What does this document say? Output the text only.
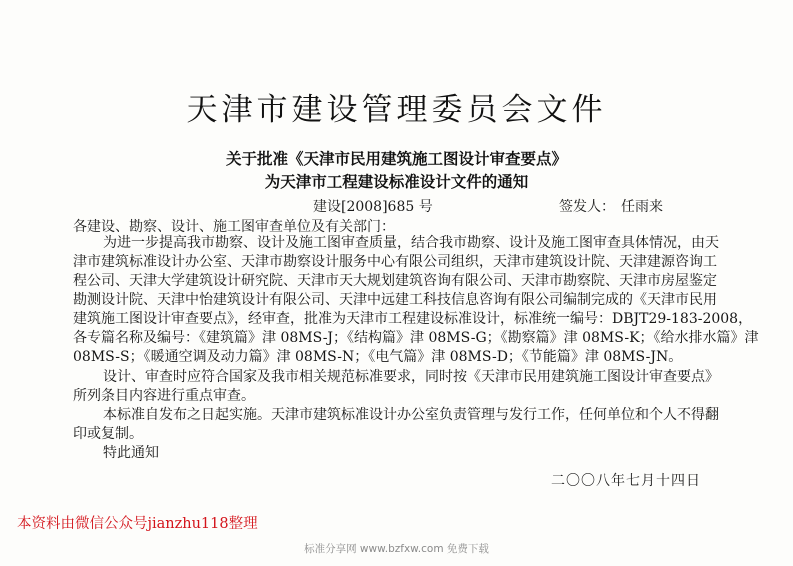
天津市建设管理委员会文件
关于批准《天津市民用建筑施工图设计审查要点》
为天津市工程建设标准设计文件的通知
建设[2008]685 号	签发人： 任雨来
各建设、勘察、设计、施工图审查单位及有关部门：
为进一步提高我市勘察、设计及施工图审查质量，结合我市勘察、设计及施工图审查具体情况，由天
津市建筑标准设计办公室、天津市勘察设计服务中心有限公司组织，天津市建筑设计院、天津建源咨询工
程公司、天津大学建筑设计研究院、天津市天大规划建筑咨询有限公司、天津市勘察院、天津市房屋鉴定
勘测设计院、天津中怡建筑设计有限公司、天津中远建工科技信息咨询有限公司编制完成的《天津市民用
建筑施工图设计审查要点》，经审查，批准为天津市工程建设标准设计，标准统一编号：DBJT29-183-2008，
各专篇名称及编号：《建筑篇》津 08MS-J；《结构篇》津 08MS-G；《勘察篇》津 08MS-K；《给水排水篇》津
08MS-S；《暖通空调及动力篇》津 08MS-N；《电气篇》津 08MS-D；《节能篇》津 08MS-JN。
设计、审查时应符合国家及我市相关规范标准要求，同时按《天津市民用建筑施工图设计审查要点》
所列条目内容进行重点审查。
本标准自发布之日起实施。天津市建筑标准设计办公室负责管理与发行工作，任何单位和个人不得翻
印或复制。
特此通知
二〇〇八年七月十四日
本资料由微信公众号jianzhu118整理
标准分享网 www.bzfxw.com 免费下载
